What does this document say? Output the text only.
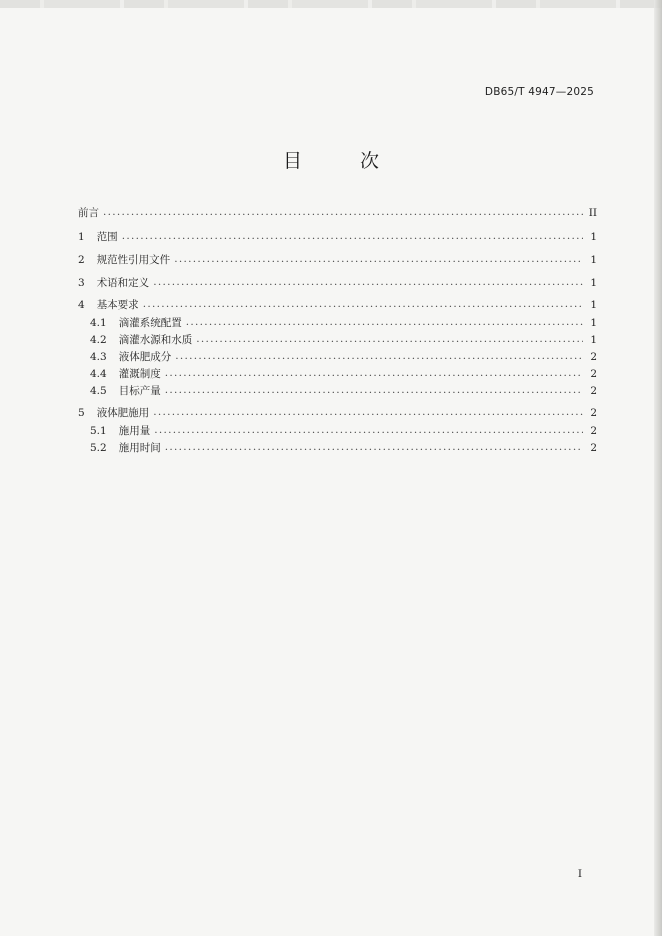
DB65/T 4947—2025
目 次
前言 .....	II
1	范围 .....	1
2	规范性引用文件 .....	1
3	术语和定义 .....	1
4	基本要求 .....	1
4.1	滴灌系统配置 .....	1
4.2	滴灌水源和水质 .....	1
4.3	液体肥成分 .....	2
4.4	灌溉制度 .....	2
4.5	目标产量 .....	2
5	液体肥施用 .....	2
5.1	施用量 .....	2
5.2	施用时间 .....	2
I
